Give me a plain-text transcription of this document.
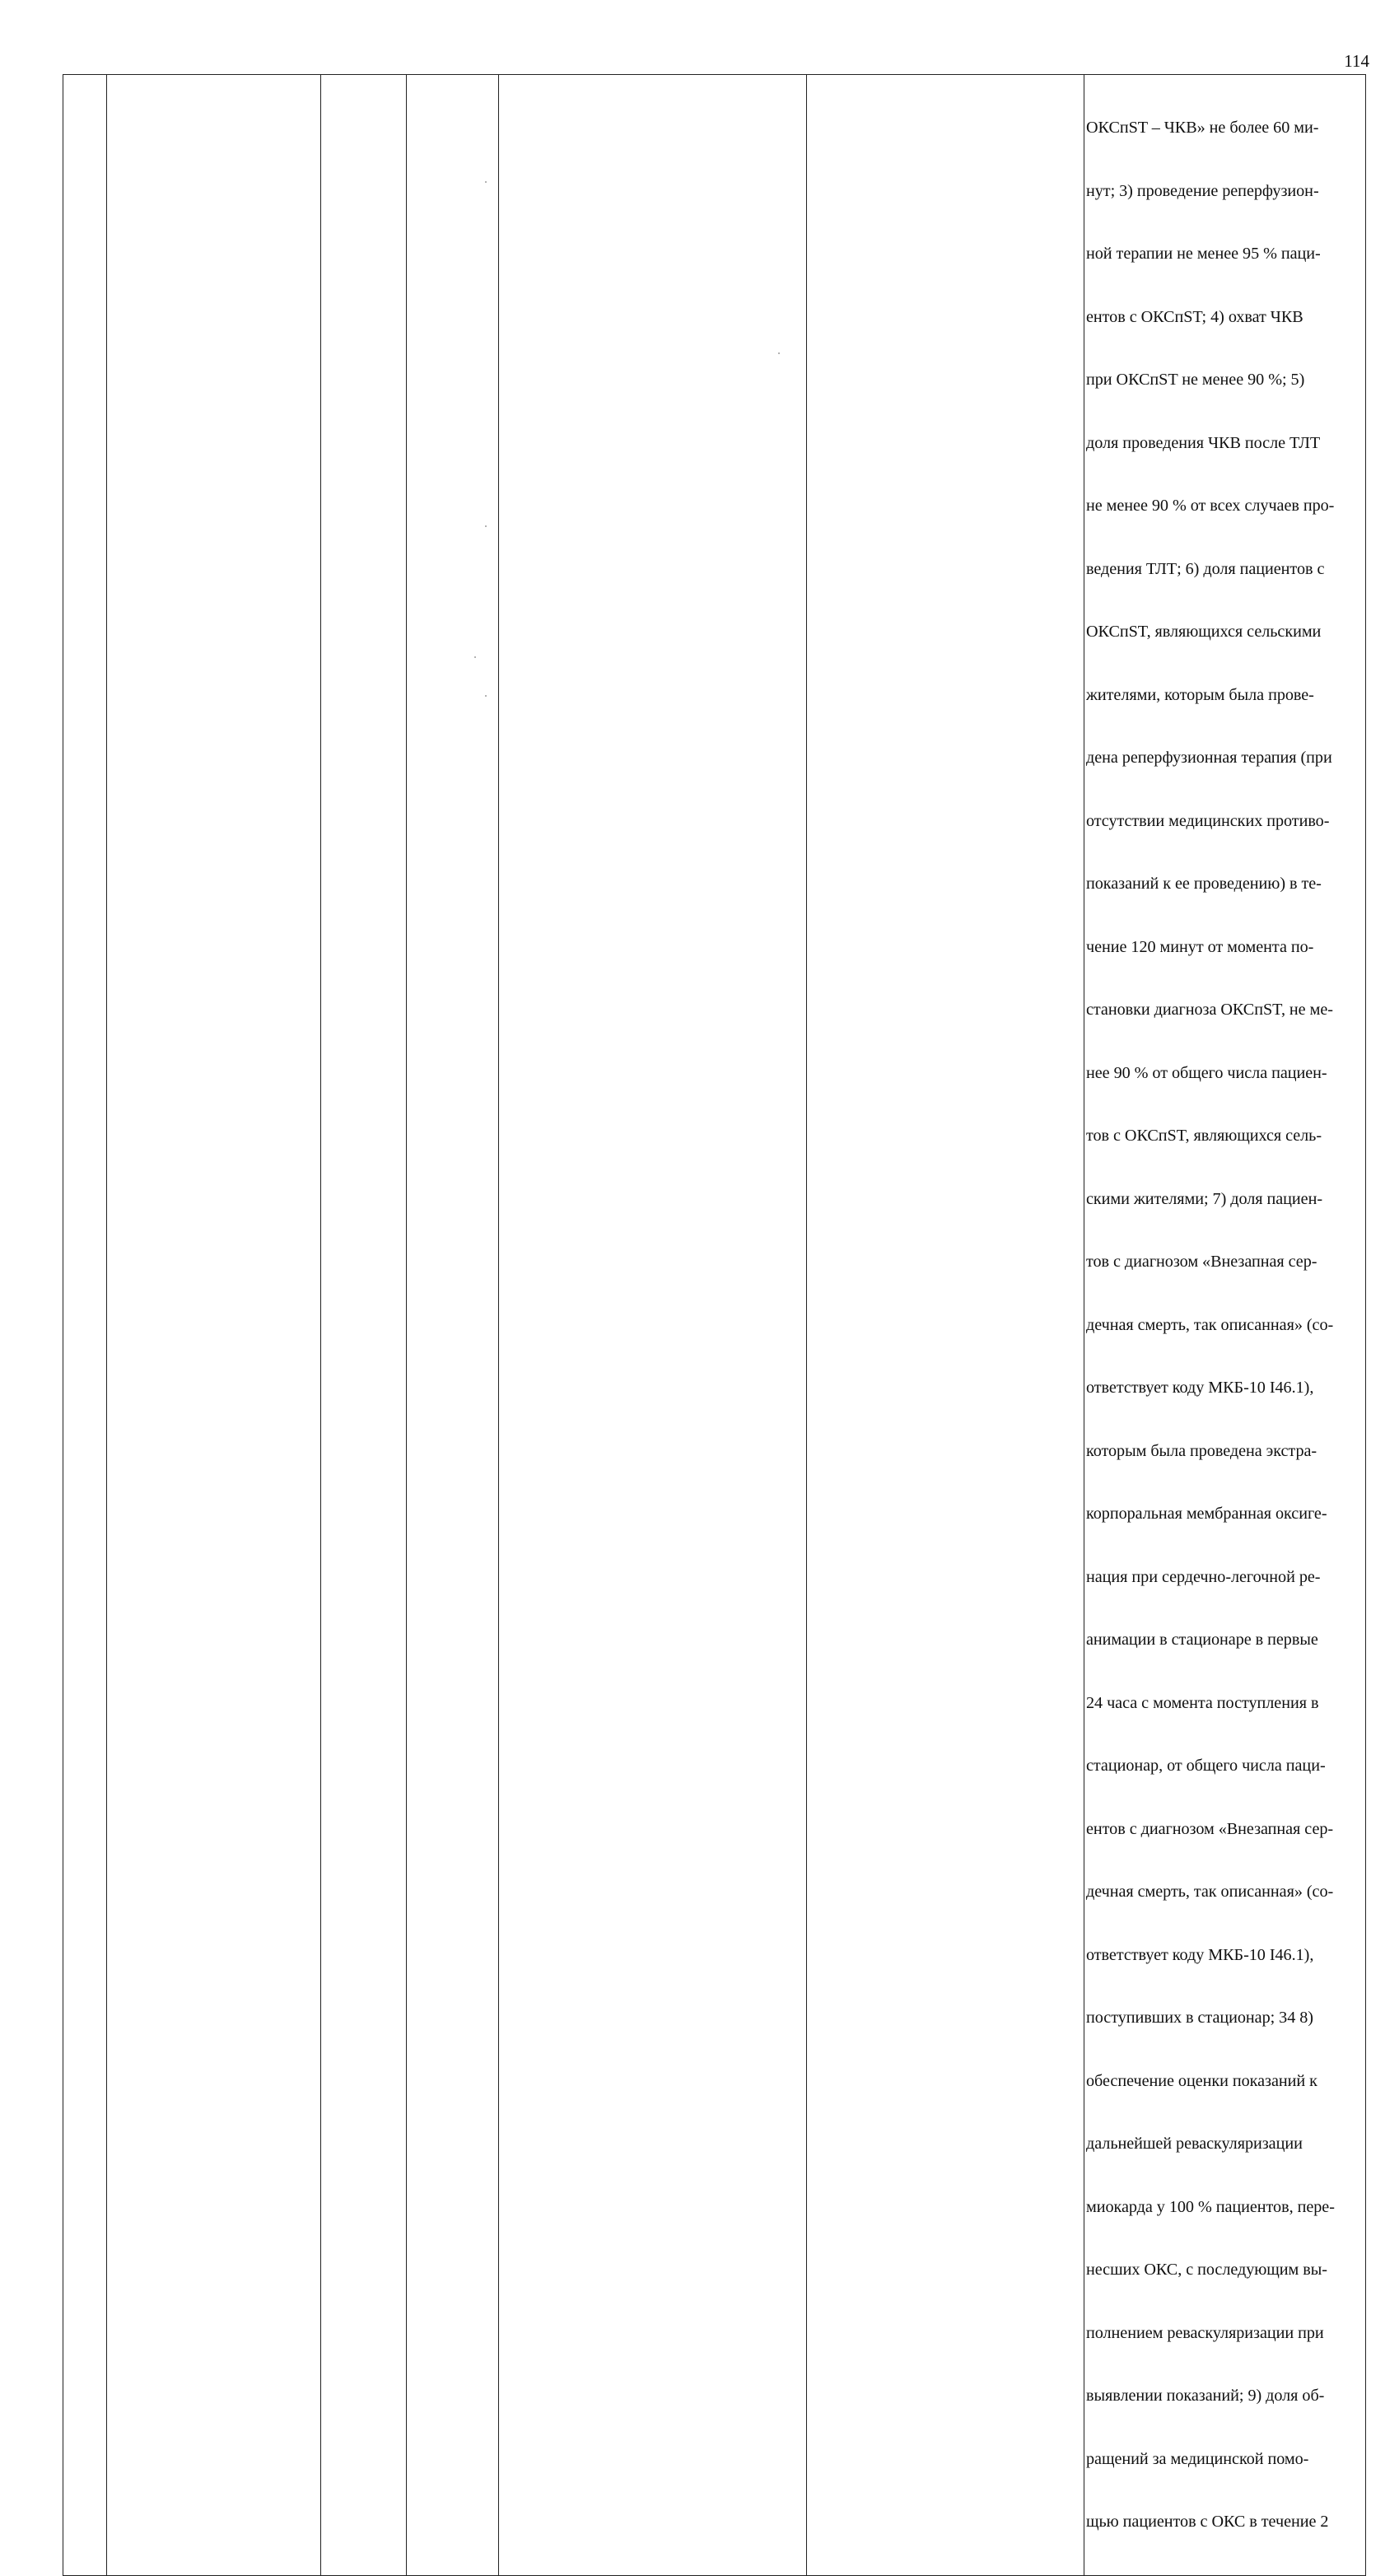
114

ОКСпST – ЧКВ» не более 60 ми-

нут; 3) проведение реперфузион-

ной терапии не менее 95 % паци-

ентов с ОКСпST; 4) охват ЧКВ

при ОКСпST не менее 90 %; 5)

доля проведения ЧКВ после ТЛТ

не менее 90 % от всех случаев про-

ведения ТЛТ; 6) доля пациентов с

ОКСпST, являющихся сельскими

жителями, которым была прове-

дена реперфузионная терапия (при

отсутствии медицинских противо-

показаний к ее проведению) в те-

чение 120 минут от момента по-

становки диагноза ОКСпST, не ме-

нее 90 % от общего числа пациен-

тов с ОКСпST, являющихся сель-

скими жителями; 7) доля пациен-

тов с диагнозом «Внезапная сер-

дечная смерть, так описанная» (со-

ответствует коду МКБ-10 I46.1),

которым была проведена экстра-

корпоральная мембранная оксиге-

нация при сердечно-легочной ре-

анимации в стационаре в первые

24 часа с момента поступления в

стационар, от общего числа паци-

ентов с диагнозом «Внезапная сер-

дечная смерть, так описанная» (со-

ответствует коду МКБ-10 I46.1),

поступивших в стационар; 34 8)

обеспечение оценки показаний к

дальнейшей реваскуляризации

миокарда у 100 % пациентов, пере-

несших ОКС, с последующим вы-

полнением реваскуляризации при

выявлении показаний; 9) доля об-

ращений за медицинской помо-

щью пациентов с ОКС в течение 2
